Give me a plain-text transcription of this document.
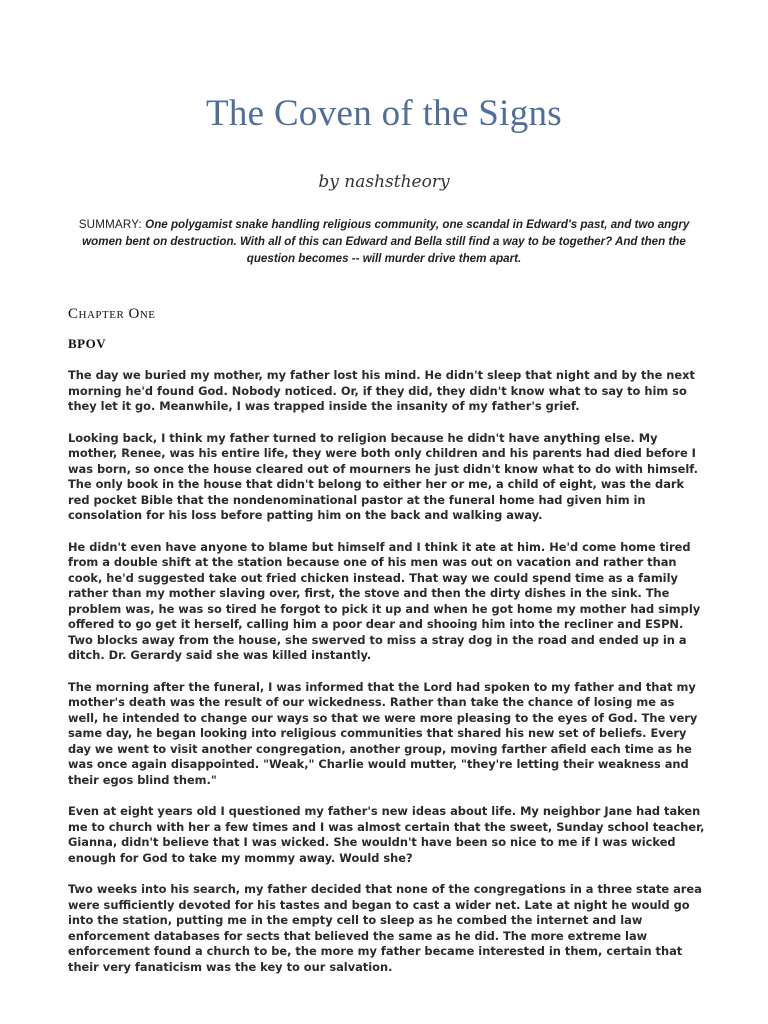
The Coven of the Signs
by nashstheory
SUMMARY: One polygamist snake handling religious community, one scandal in Edward's past, and two angry women bent on destruction. With all of this can Edward and Bella still find a way to be together? And then the question becomes -- will murder drive them apart.
Chapter One
BPOV

The day we buried my mother, my father lost his mind. He didn't sleep that night and by the next morning he'd found God. Nobody noticed. Or, if they did, they didn't know what to say to him so they let it go. Meanwhile, I was trapped inside the insanity of my father's grief.

Looking back, I think my father turned to religion because he didn't have anything else. My mother, Renee, was his entire life, they were both only children and his parents had died before I was born, so once the house cleared out of mourners he just didn't know what to do with himself. The only book in the house that didn't belong to either her or me, a child of eight, was the dark red pocket Bible that the nondenominational pastor at the funeral home had given him in consolation for his loss before patting him on the back and walking away.

He didn't even have anyone to blame but himself and I think it ate at him. He'd come home tired from a double shift at the station because one of his men was out on vacation and rather than cook, he'd suggested take out fried chicken instead. That way we could spend time as a family rather than my mother slaving over, first, the stove and then the dirty dishes in the sink. The problem was, he was so tired he forgot to pick it up and when he got home my mother had simply offered to go get it herself, calling him a poor dear and shooing him into the recliner and ESPN. Two blocks away from the house, she swerved to miss a stray dog in the road and ended up in a ditch. Dr. Gerardy said she was killed instantly.

The morning after the funeral, I was informed that the Lord had spoken to my father and that my mother's death was the result of our wickedness. Rather than take the chance of losing me as well, he intended to change our ways so that we were more pleasing to the eyes of God. The very same day, he began looking into religious communities that shared his new set of beliefs. Every day we went to visit another congregation, another group, moving farther afield each time as he was once again disappointed. "Weak," Charlie would mutter, "they're letting their weakness and their egos blind them."

Even at eight years old I questioned my father's new ideas about life. My neighbor Jane had taken me to church with her a few times and I was almost certain that the sweet, Sunday school teacher, Gianna, didn't believe that I was wicked. She wouldn't have been so nice to me if I was wicked enough for God to take my mommy away. Would she?

Two weeks into his search, my father decided that none of the congregations in a three state area were sufficiently devoted for his tastes and began to cast a wider net. Late at night he would go into the station, putting me in the empty cell to sleep as he combed the internet and law enforcement databases for sects that believed the same as he did. The more extreme law enforcement found a church to be, the more my father became interested in them, certain that their very fanaticism was the key to our salvation.
